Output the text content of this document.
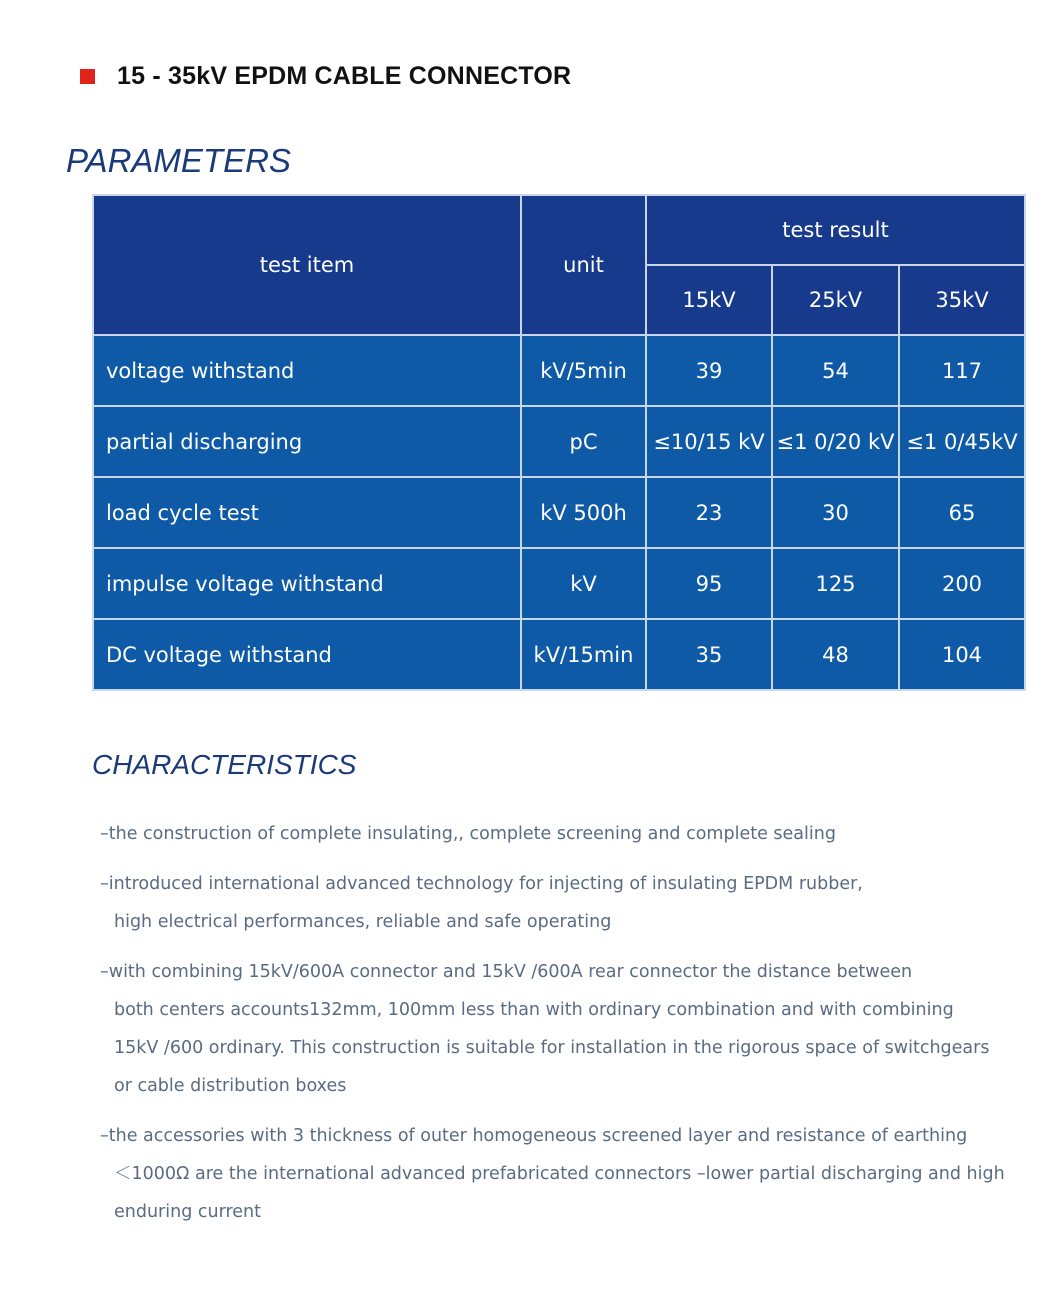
15 - 35kV EPDM CABLE CONNECTOR
PARAMETERS
test item	unit	test result		
		15kV	25kV	35kV
voltage withstand	kV/5min	39	54	117
partial discharging	pC	≤10/15 kV	≤1 0/20 kV	≤1 0/45kV
load cycle test	kV 500h	23	30	65
impulse voltage withstand	kV	95	125	200
DC voltage withstand	kV/15min	35	48	104
CHARACTERISTICS
–the construction of complete insulating,, complete screening and complete sealing
–introduced international advanced technology for injecting of insulating EPDM rubber,
high electrical performances, reliable and safe operating
–with combining 15kV/600A connector and 15kV /600A rear connector the distance between
both centers accounts132mm, 100mm less than with ordinary combination and with combining
15kV /600 ordinary. This construction is suitable for installation in the rigorous space of switchgears
or cable distribution boxes
–the accessories with 3 thickness of outer homogeneous screened layer and resistance of earthing
＜1000Ω are the international advanced prefabricated connectors –lower partial discharging and high
enduring current
